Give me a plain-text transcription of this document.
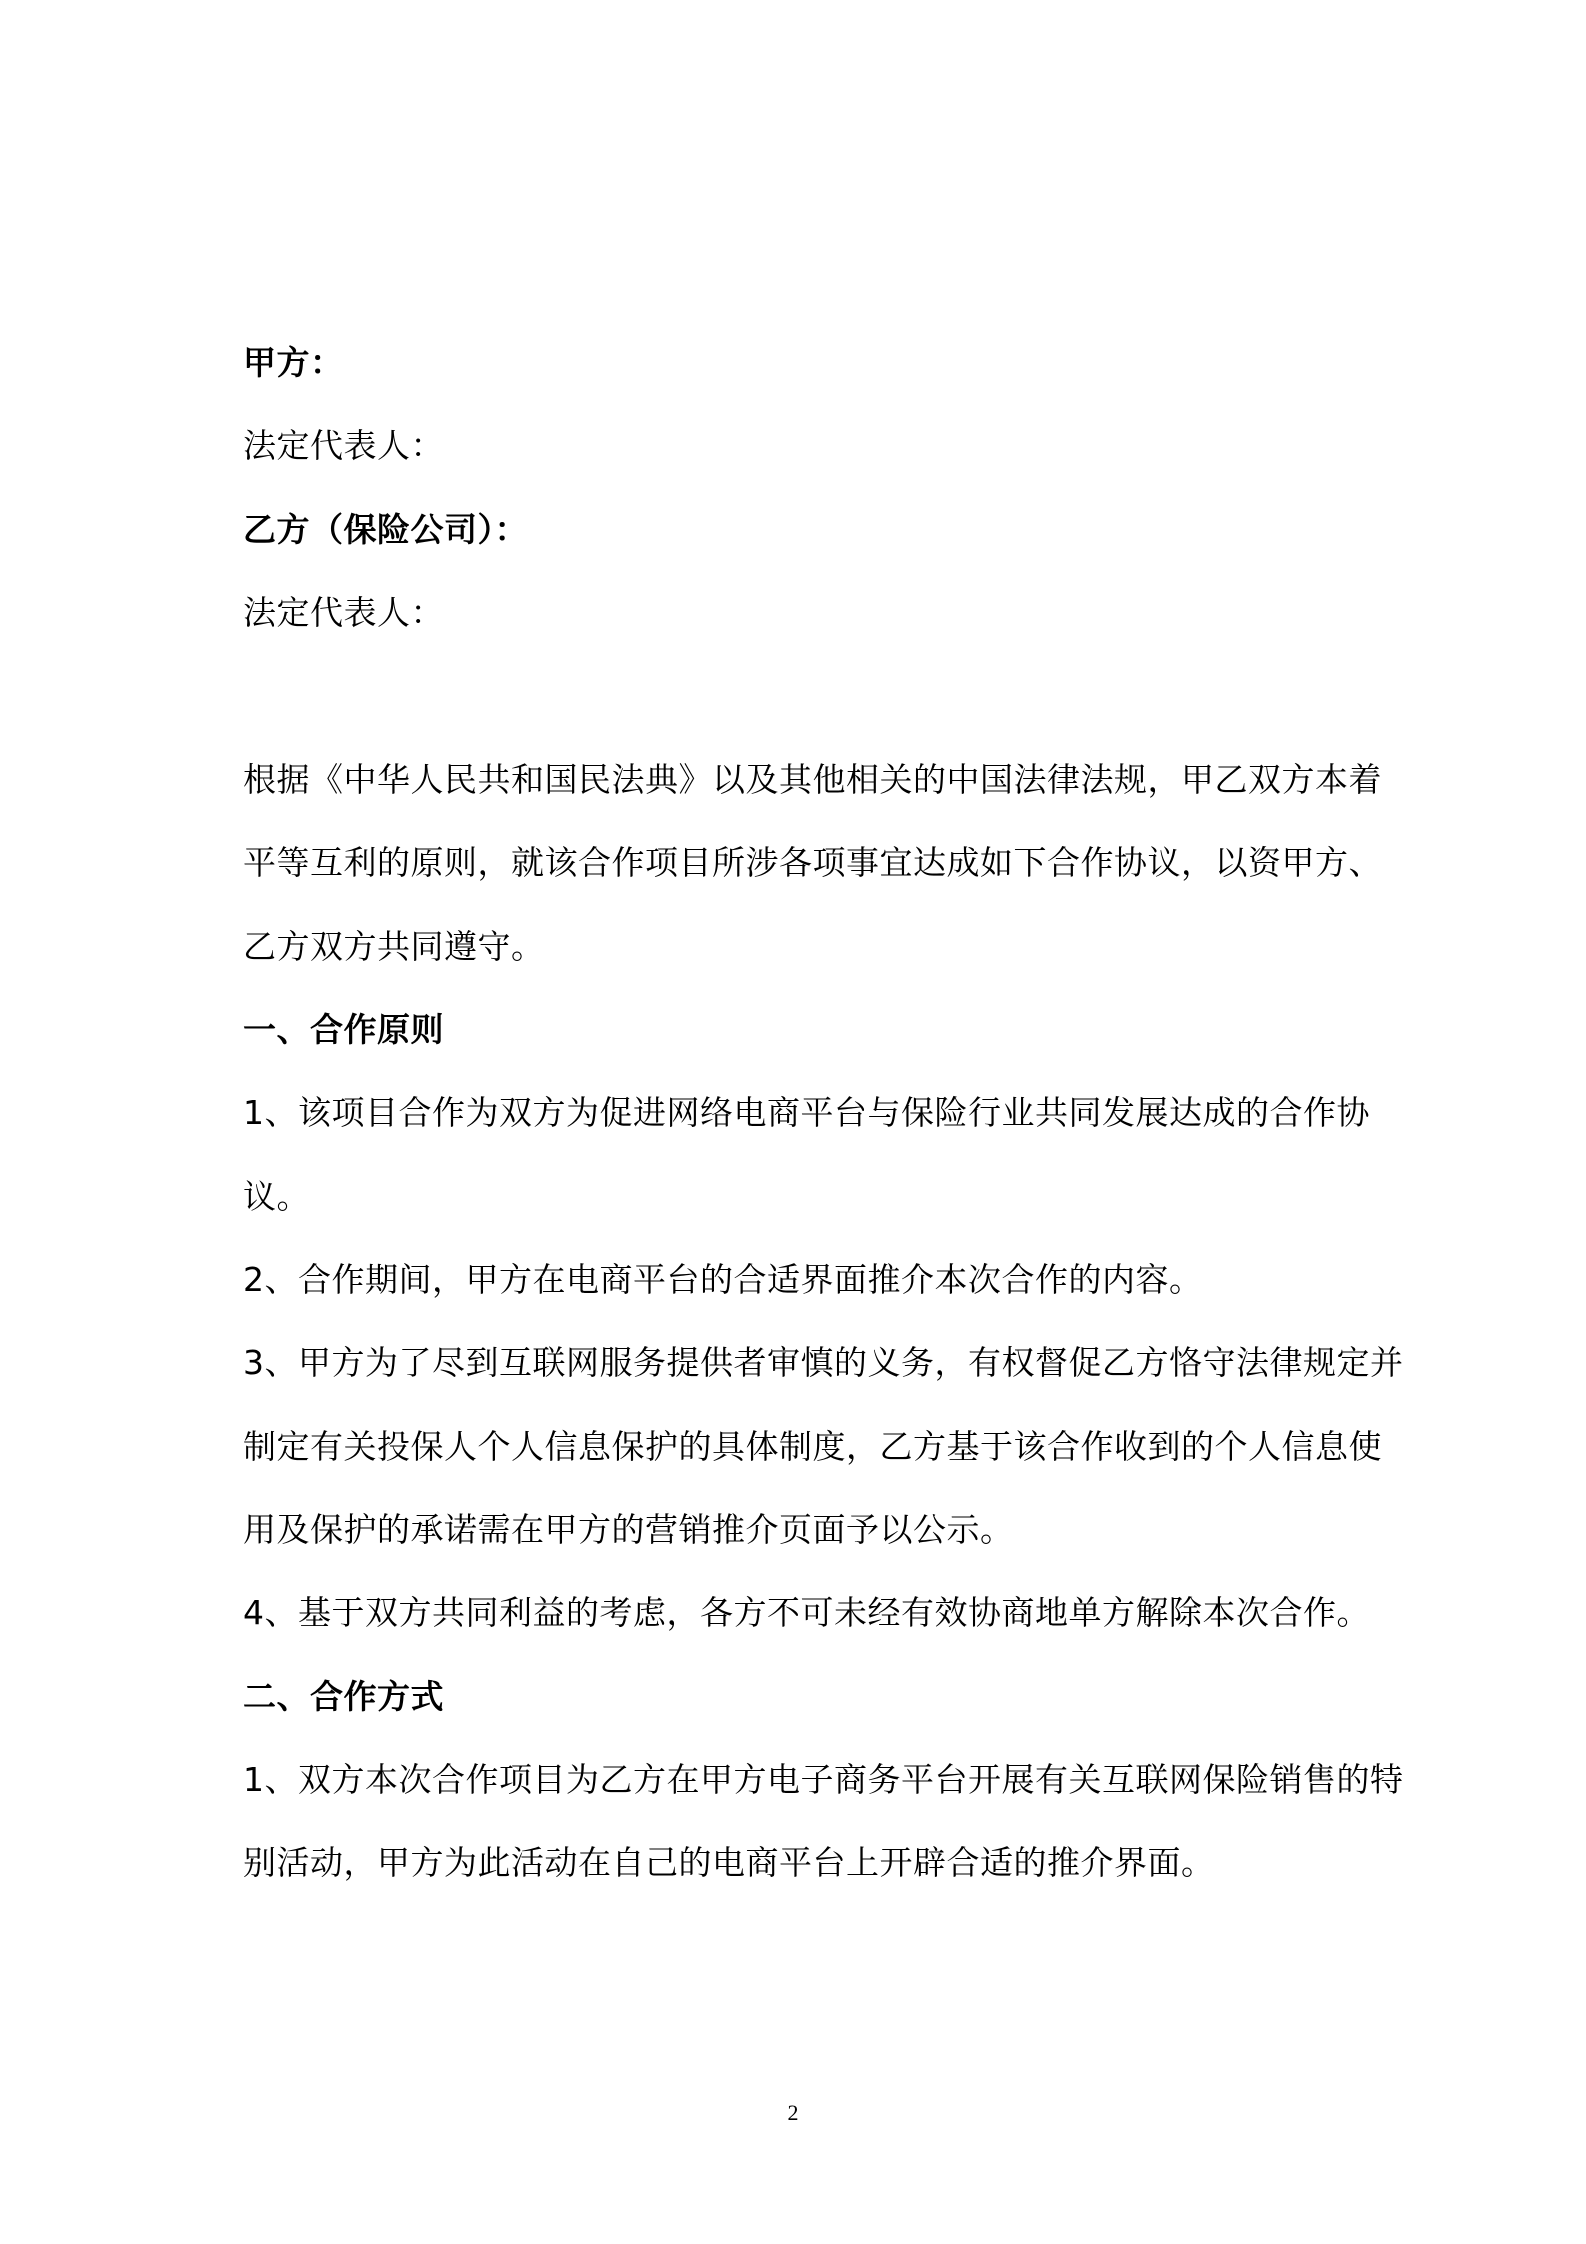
甲方：
法定代表人：
乙方（保险公司）：
法定代表人：
根据《中华人民共和国民法典》以及其他相关的中国法律法规，甲乙双方本着
平等互利的原则，就该合作项目所涉各项事宜达成如下合作协议，以资甲方、
乙方双方共同遵守。
一、合作原则
1、该项目合作为双方为促进网络电商平台与保险行业共同发展达成的合作协
议。
2、合作期间，甲方在电商平台的合适界面推介本次合作的内容。
3、甲方为了尽到互联网服务提供者审慎的义务，有权督促乙方恪守法律规定并
制定有关投保人个人信息保护的具体制度，乙方基于该合作收到的个人信息使
用及保护的承诺需在甲方的营销推介页面予以公示。
4、基于双方共同利益的考虑，各方不可未经有效协商地单方解除本次合作。
二、合作方式
1、双方本次合作项目为乙方在甲方电子商务平台开展有关互联网保险销售的特
别活动，甲方为此活动在自己的电商平台上开辟合适的推介界面。
2
